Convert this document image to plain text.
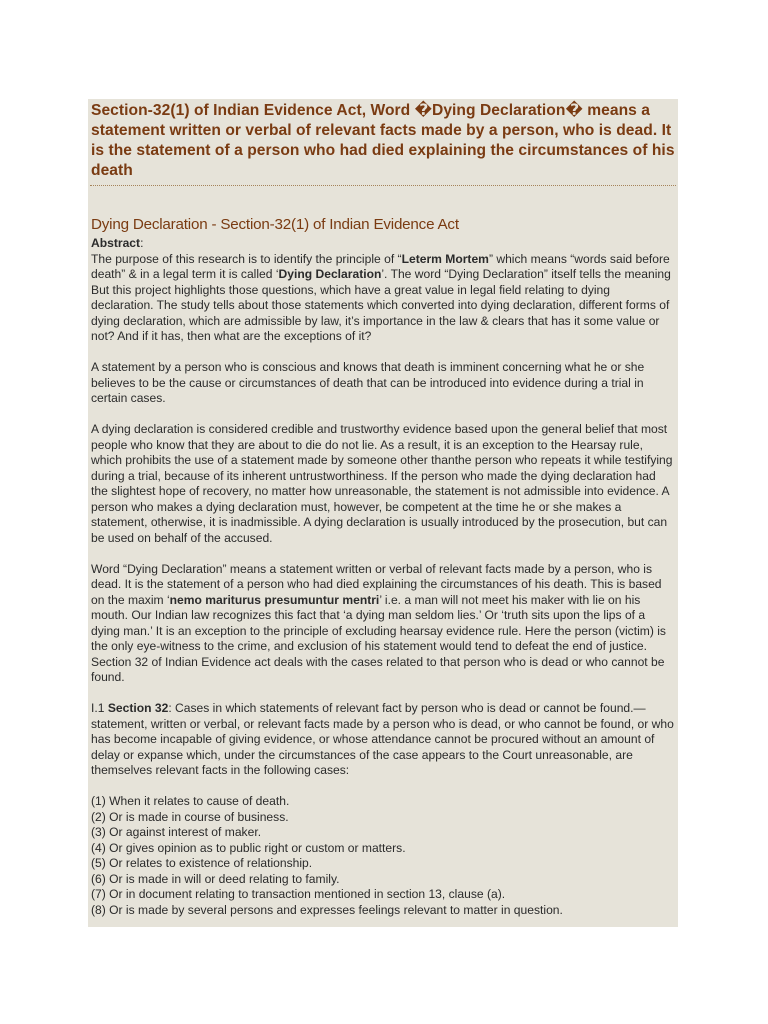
Section-32(1) of Indian Evidence Act, Word �Dying Declaration� means a statement written or verbal of relevant facts made by a person, who is dead. It is the statement of a person who had died explaining the circumstances of his death
Dying Declaration - Section-32(1) of Indian Evidence Act
Abstract:
The purpose of this research is to identify the principle of “Leterm Mortem” which means “words said before death” & in a legal term it is called ‘Dying Declaration’. The word “Dying Declaration” itself tells the meaning But this project highlights those questions, which have a great value in legal field relating to dying declaration. The study tells about those statements which converted into dying declaration, different forms of dying declaration, which are admissible by law, it’s importance in the law & clears that has it some value or not? And if it has, then what are the exceptions of it?

A statement by a person who is conscious and knows that death is imminent concerning what he or she believes to be the cause or circumstances of death that can be introduced into evidence during a trial in certain cases.

A dying declaration is considered credible and trustworthy evidence based upon the general belief that most people who know that they are about to die do not lie. As a result, it is an exception to the Hearsay rule, which prohibits the use of a statement made by someone other thanthe person who repeats it while testifying during a trial, because of its inherent untrustworthiness. If the person who made the dying declaration had the slightest hope of recovery, no matter how unreasonable, the statement is not admissible into evidence. A person who makes a dying declaration must, however, be competent at the time he or she makes a statement, otherwise, it is inadmissible. A dying declaration is usually introduced by the prosecution, but can be used on behalf of the accused.

Word “Dying Declaration” means a statement written or verbal of relevant facts made by a person, who is dead. It is the statement of a person who had died explaining the circumstances of his death. This is based on the maxim ‘nemo mariturus presumuntur mentri’ i.e. a man will not meet his maker with lie on his mouth. Our Indian law recognizes this fact that ‘a dying man seldom lies.’ Or ‘truth sits upon the lips of a dying man.’ It is an exception to the principle of excluding hearsay evidence rule. Here the person (victim) is the only eye-witness to the crime, and exclusion of his statement would tend to defeat the end of justice. Section 32 of Indian Evidence act deals with the cases related to that person who is dead or who cannot be found.

I.1 Section 32: Cases in which statements of relevant fact by person who is dead or cannot be found.—statement, written or verbal, or relevant facts made by a person who is dead, or who cannot be found, or who has become incapable of giving evidence, or whose attendance cannot be procured without an amount of delay or expanse which, under the circumstances of the case appears to the Court unreasonable, are themselves relevant facts in the following cases:

(1) When it relates to cause of death.
(2) Or is made in course of business.
(3) Or against interest of maker.
(4) Or gives opinion as to public right or custom or matters.
(5) Or relates to existence of relationship.
(6) Or is made in will or deed relating to family.
(7) Or in document relating to transaction mentioned in section 13, clause (a).
(8) Or is made by several persons and expresses feelings relevant to matter in question.
